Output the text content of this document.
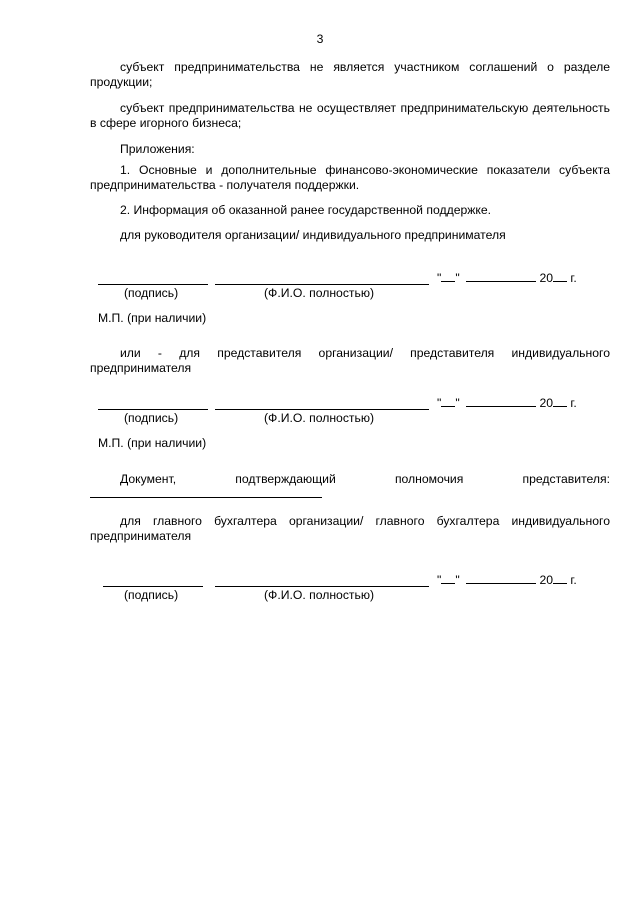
3

субъект предпринимательства не является участником соглашений о разделе продукции;

субъект предпринимательства не осуществляет предпринимательскую деятельность в сфере игорного бизнеса;

Приложения:

1. Основные и дополнительные финансово-экономические показатели субъекта предпринимательства - получателя поддержки.

2. Информация об оказанной ранее государственной поддержке.

для руководителя организации/ индивидуального предпринимателя

" "	20 г.
(подпись)	(Ф.И.О. полностью)

М.П. (при наличии)

или - для представителя организации/ представителя индивидуального предпринимателя

" "	20 г.
(подпись)	(Ф.И.О. полностью)

М.П. (при наличии)

Документ, подтверждающий полномочия представителя:

для главного бухгалтера организации/ главного бухгалтера индивидуального предпринимателя

" "	20 г.
(подпись)	(Ф.И.О. полностью)
